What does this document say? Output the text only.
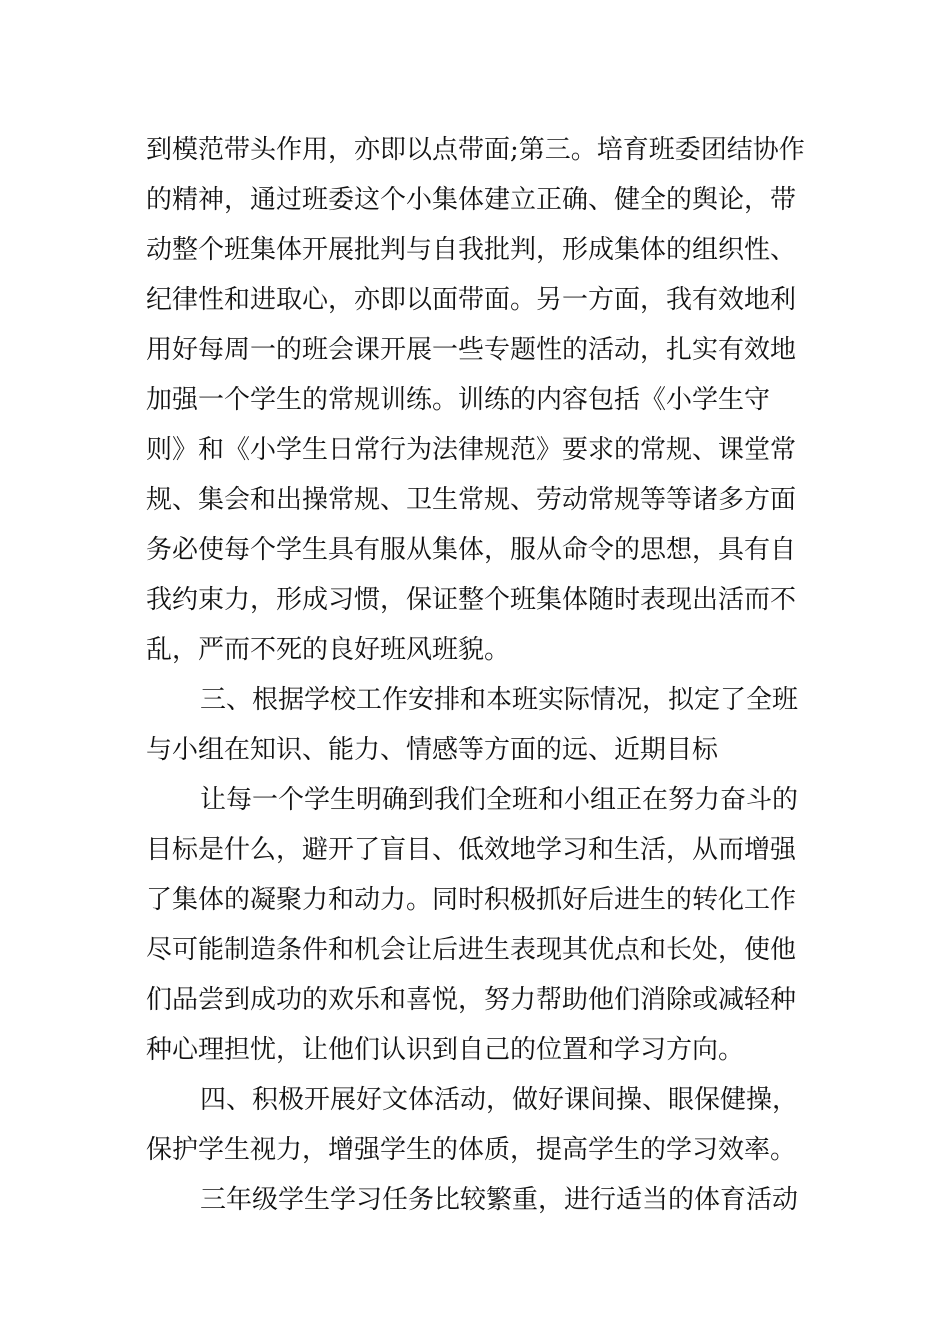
到模范带头作用，亦即以点带面;第三。培育班委团结协作
的精神，通过班委这个小集体建立正确、健全的舆论，带
动整个班集体开展批判与自我批判，形成集体的组织性、
纪律性和进取心，亦即以面带面。另一方面，我有效地利
用好每周一的班会课开展一些专题性的活动，扎实有效地
加强一个学生的常规训练。训练的内容包括《小学生守
则》和《小学生日常行为法律规范》要求的常规、课堂常
规、集会和出操常规、卫生常规、劳动常规等等诸多方面
务必使每个学生具有服从集体，服从命令的思想，具有自
我约束力，形成习惯，保证整个班集体随时表现出活而不
乱，严而不死的良好班风班貌。
三、根据学校工作安排和本班实际情况，拟定了全班
与小组在知识、能力、情感等方面的远、近期目标
让每一个学生明确到我们全班和小组正在努力奋斗的
目标是什么，避开了盲目、低效地学习和生活，从而增强
了集体的凝聚力和动力。同时积极抓好后进生的转化工作
尽可能制造条件和机会让后进生表现其优点和长处，使他
们品尝到成功的欢乐和喜悦，努力帮助他们消除或减轻种
种心理担忧，让他们认识到自己的位置和学习方向。
四、积极开展好文体活动，做好课间操、眼保健操，
保护学生视力，增强学生的体质，提高学生的学习效率。
三年级学生学习任务比较繁重，进行适当的体育活动
